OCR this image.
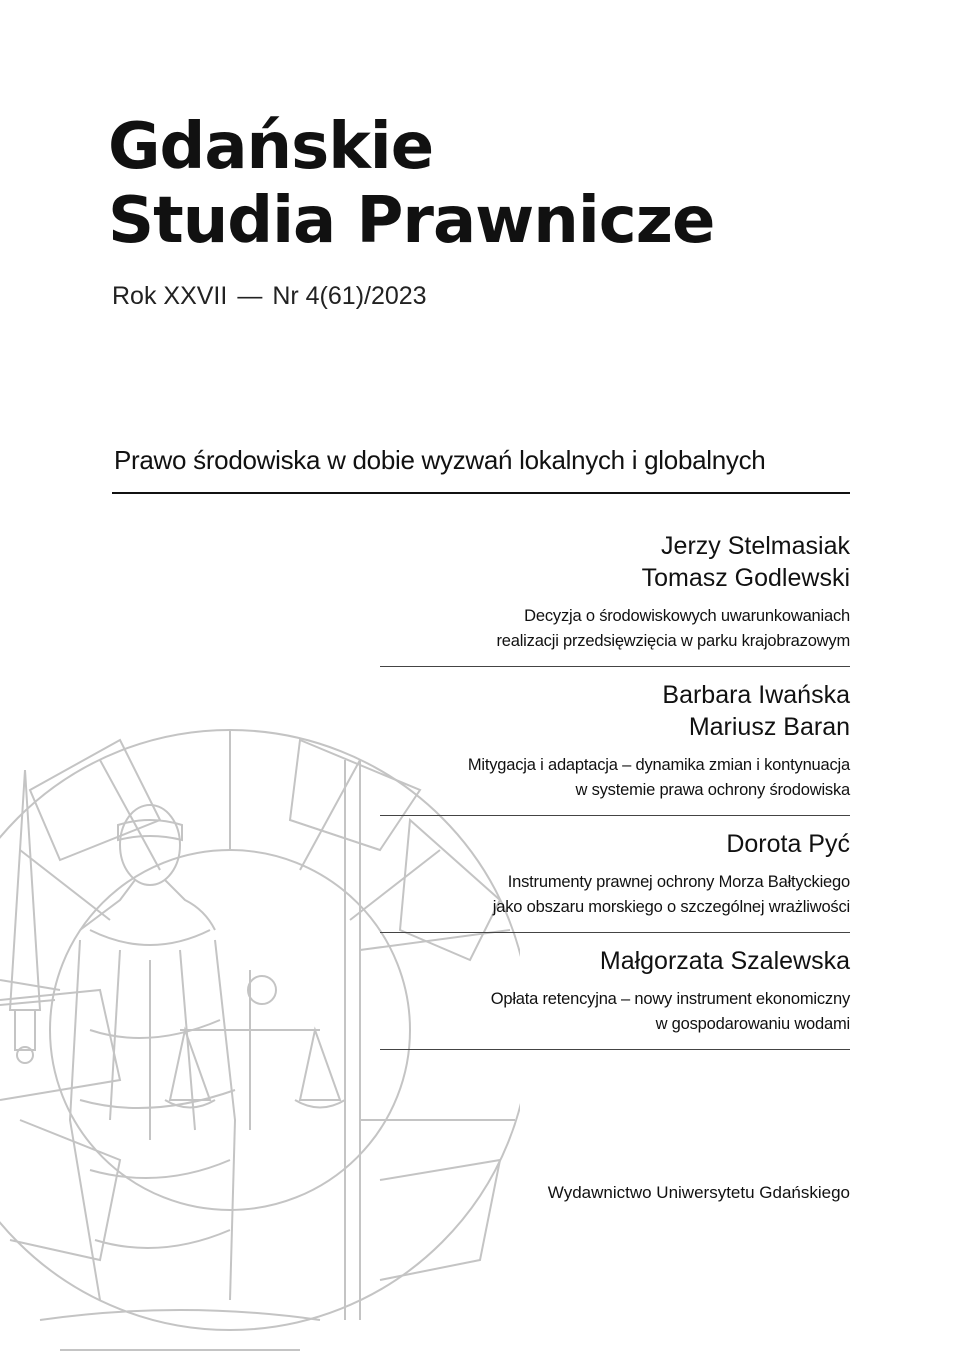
Gdańskie
Studia Prawnicze
Rok XXVII — Nr 4(61)/2023
Prawo środowiska w dobie wyzwań lokalnych i globalnych
Jerzy Stelmasiak
Tomasz Godlewski
Decyzja o środowiskowych uwarunkowaniach
realizacji przedsięwzięcia w parku krajobrazowym
Barbara Iwańska
Mariusz Baran
Mitygacja i adaptacja – dynamika zmian i kontynuacja
w systemie prawa ochrony środowiska
Dorota Pyć
Instrumenty prawnej ochrony Morza Bałtyckiego
jako obszaru morskiego o szczególnej wrażliwości
Małgorzata Szalewska
Opłata retencyjna – nowy instrument ekonomiczny
w gospodarowaniu wodami
Wydawnictwo Uniwersytetu Gdańskiego
